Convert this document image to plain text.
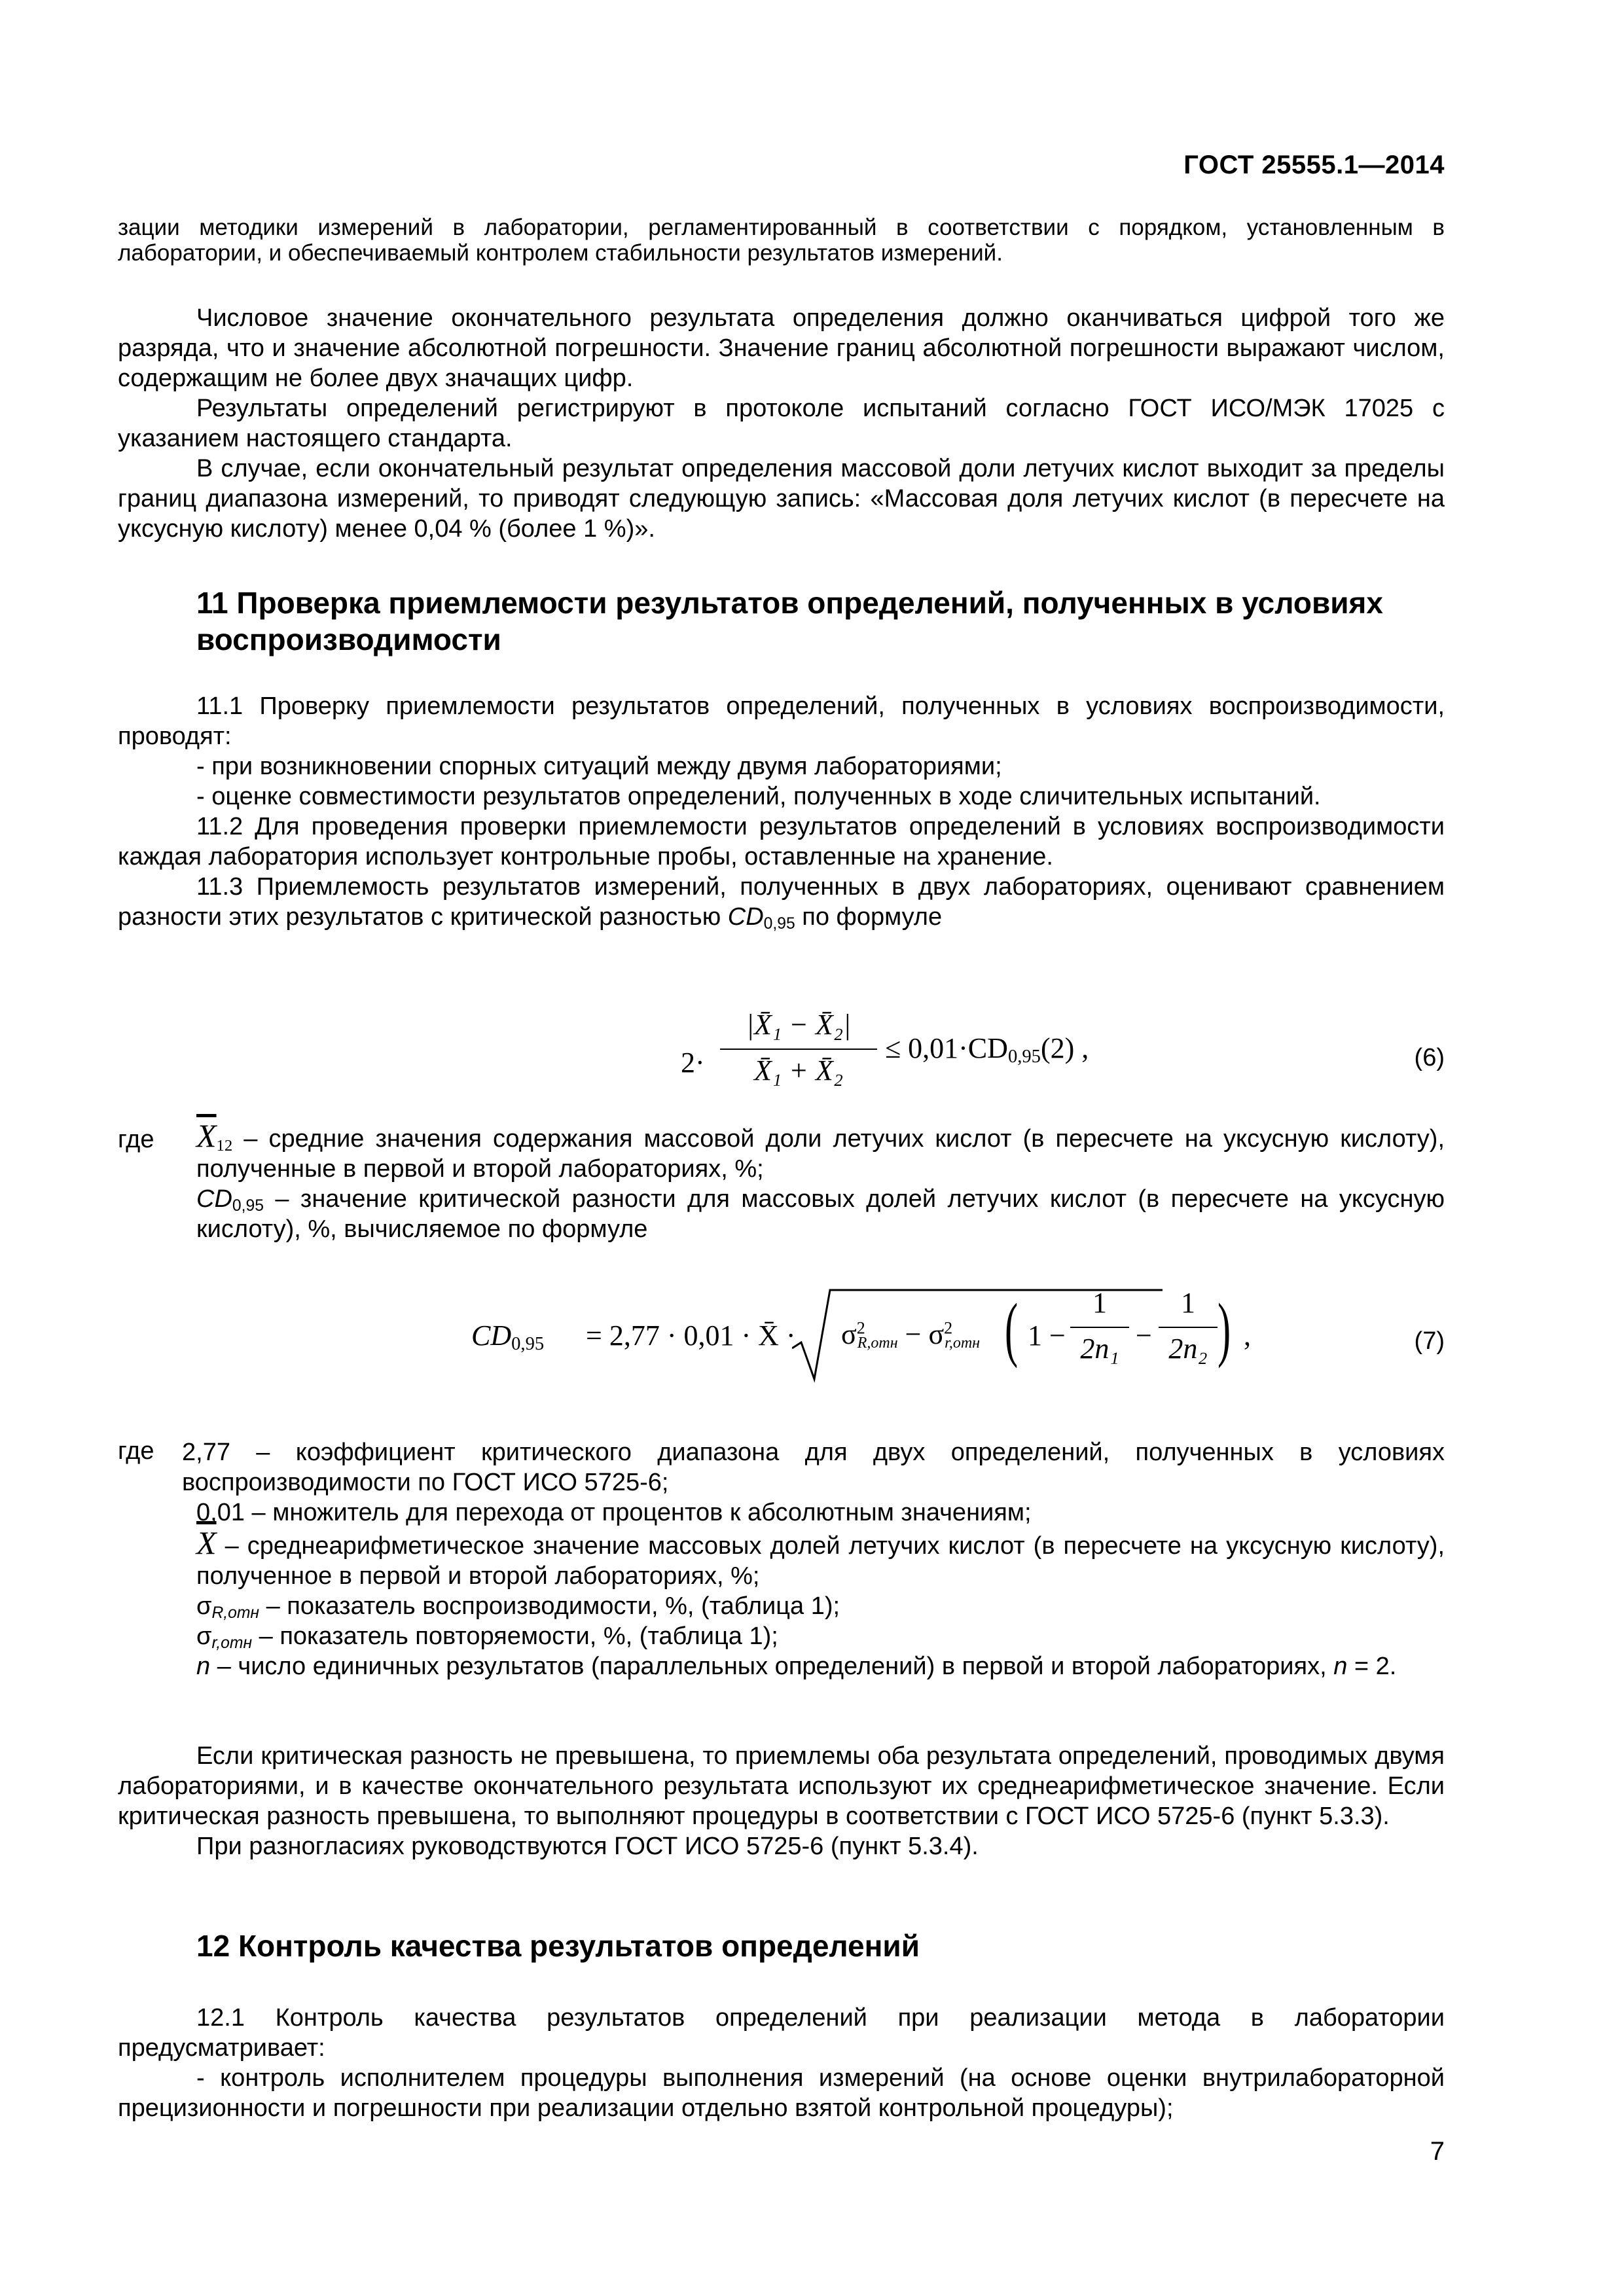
ГОСТ 25555.1—2014

зации методики измерений в лаборатории, регламентированный в соответствии с порядком, установленным в лаборатории, и обеспечиваемый контролем стабильности результатов измерений.

Числовое значение окончательного результата определения должно оканчиваться цифрой того же разряда, что и значение абсолютной погрешности. Значение границ абсолютной погрешности выражают числом, содержащим не более двух значащих цифр.

Результаты определений регистрируют в протоколе испытаний согласно ГОСТ ИСО/МЭК 17025 с указанием настоящего стандарта.

В случае, если окончательный результат определения массовой доли летучих кислот выходит за пределы границ диапазона измерений, то приводят следующую запись: «Массовая доля летучих кислот (в пересчете на уксусную кислоту) менее 0,04 % (более 1 %)».

11 Проверка приемлемости результатов определений, полученных в условиях воспроизводимости

11.1 Проверку приемлемости результатов определений, полученных в условиях воспроизводимости, проводят:

- при возникновении спорных ситуаций между двумя лабораториями;

- оценке совместимости результатов определений, полученных в ходе сличительных испытаний.

11.2 Для проведения проверки приемлемости результатов определений в условиях воспроизводимости каждая лаборатория использует контрольные пробы, оставленные на хранение.

11.3 Приемлемость результатов измерений, полученных в двух лабораториях, оценивают сравнением разности этих результатов с критической разностью $CD_{0,95}$ по формуле

2·
|X̄₁ − X̄₂|
X̄₁ + X̄₂
≤ $0,01\cdot CD_{0,95}(2)$ ,	(6)
где $\overline{X}_{12}$ – средние значения содержания массовой доли летучих кислот (в пересчете на уксусную кислоту), полученные в первой и второй лабораториях, %;

$CD_{0,95}$ – значение критической разности для массовых долей летучих кислот (в пересчете на уксусную кислоту), %, вычисляемое по формуле

$CD_{0,95} = 2,77 \cdot 0,01$ · X̄ · $\sigma^2_{R,отн} - \sigma^2_{r,отн}$ ( 1 −
1
2n₁ −
1
2n₂ ) ,	(7)
где 2,77 – коэффициент критического диапазона для двух определений, полученных в условиях воспроизводимости по ГОСТ ИСО 5725-6;

0,01 – множитель для перехода от процентов к абсолютным значениям;

$\overline{X}$ – среднеарифметическое значение массовых долей летучих кислот (в пересчете на уксусную кислоту), полученное в первой и второй лабораториях, %;

$\sigma_{R,отн}$ – показатель воспроизводимости, %, (таблица 1);

$\sigma_{r,отн}$ – показатель повторяемости, %, (таблица 1);

n – число единичных результатов (параллельных определений) в первой и второй лабораториях, n = 2.

Если критическая разность не превышена, то приемлемы оба результата определений, проводимых двумя лабораториями, и в качестве окончательного результата используют их среднеарифметическое значение. Если критическая разность превышена, то выполняют процедуры в соответствии с ГОСТ ИСО 5725-6 (пункт 5.3.3).

При разногласиях руководствуются ГОСТ ИСО 5725-6 (пункт 5.3.4).

12 Контроль качества результатов определений

12.1 Контроль качества результатов определений при реализации метода в лаборатории предусматривает:

- контроль исполнителем процедуры выполнения измерений (на основе оценки внутрилабораторной прецизионности и погрешности при реализации отдельно взятой контрольной процедуры);

7
